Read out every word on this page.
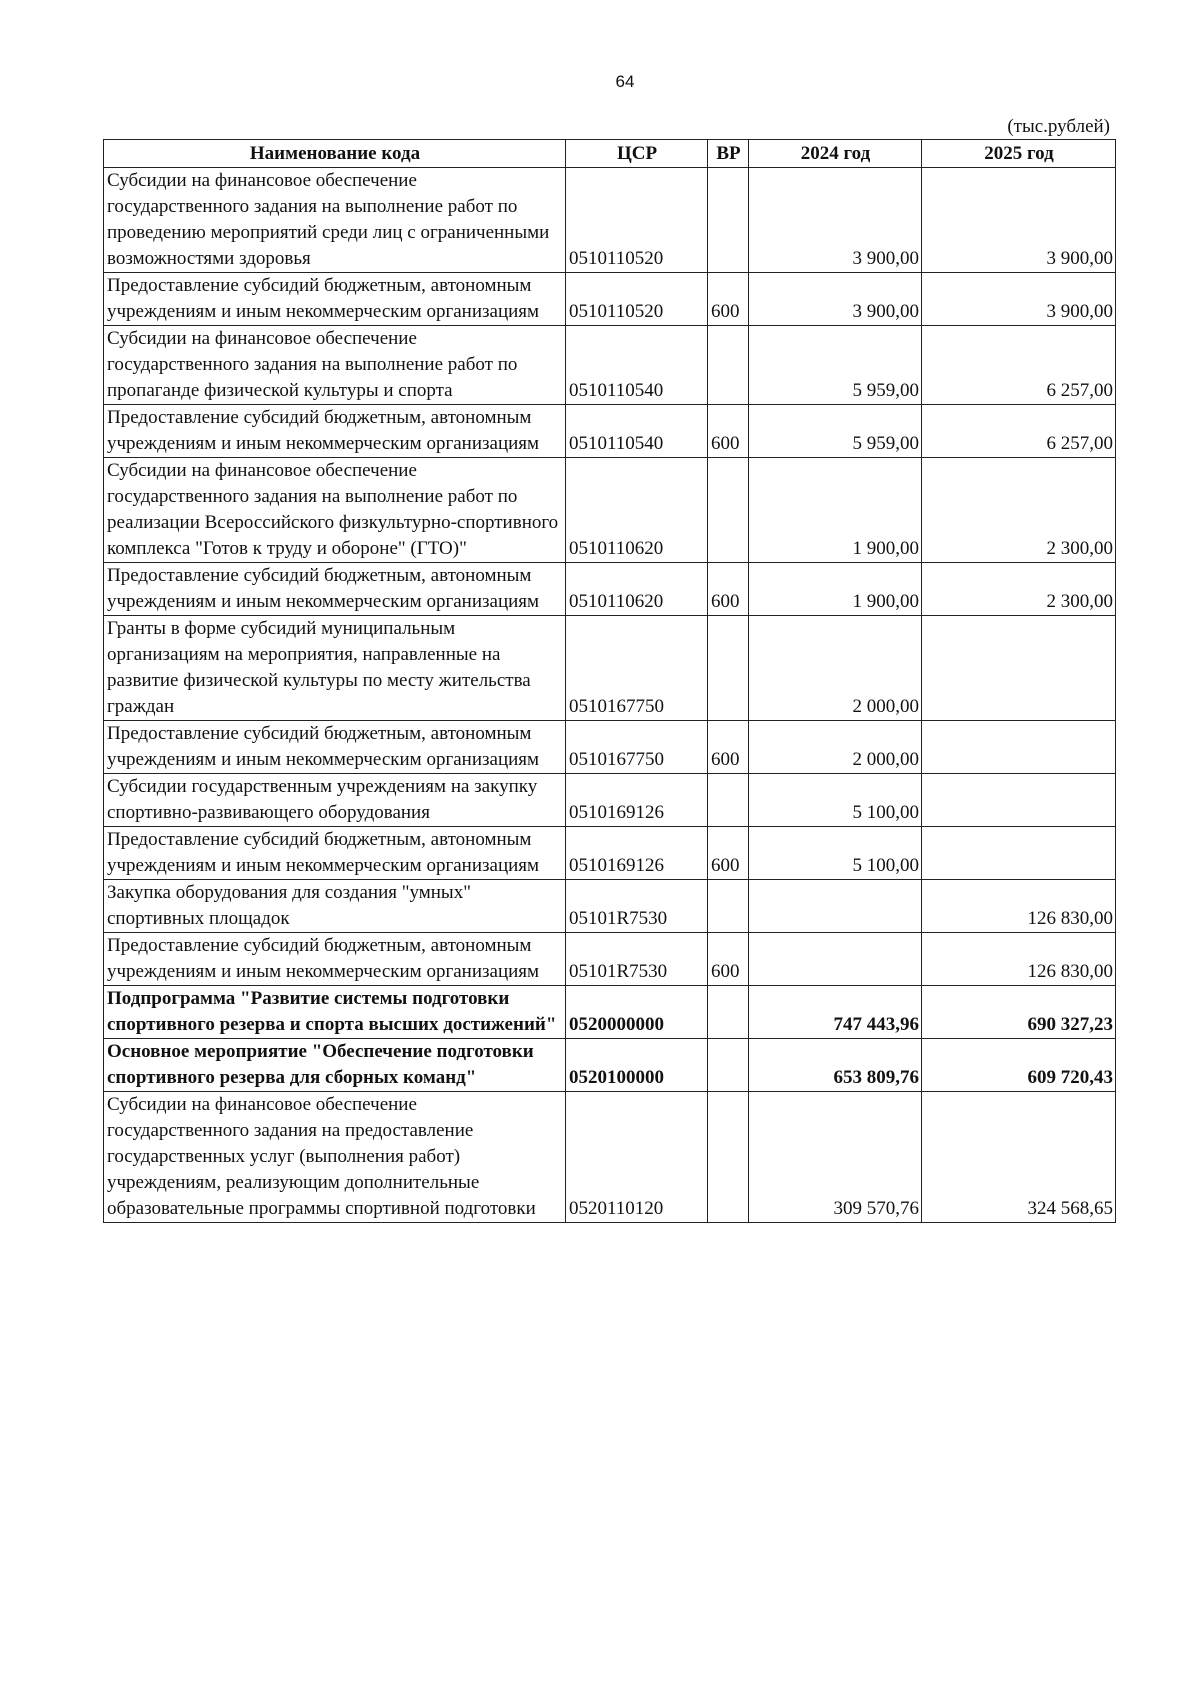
64
(тыс.рублей)
Наименование кода	ЦСР	ВР	2024 год	2025 год
Субсидии на финансовое обеспечение государственного задания на выполнение работ по проведению мероприятий среди лиц с ограниченными возможностями здоровья	0510110520		3 900,00	3 900,00
Предоставление субсидий бюджетным, автономным учреждениям и иным некоммерческим организациям	0510110520	600	3 900,00	3 900,00
Субсидии на финансовое обеспечение государственного задания на выполнение работ по пропаганде физической культуры и спорта	0510110540		5 959,00	6 257,00
Предоставление субсидий бюджетным, автономным учреждениям и иным некоммерческим организациям	0510110540	600	5 959,00	6 257,00
Субсидии на финансовое обеспечение государственного задания на выполнение работ по реализации Всероссийского физкультурно-спортивного комплекса "Готов к труду и обороне" (ГТО)"	0510110620		1 900,00	2 300,00
Предоставление субсидий бюджетным, автономным учреждениям и иным некоммерческим организациям	0510110620	600	1 900,00	2 300,00
Гранты в форме субсидий муниципальным организациям на мероприятия, направленные на развитие физической культуры по месту жительства граждан	0510167750		2 000,00	
Предоставление субсидий бюджетным, автономным учреждениям и иным некоммерческим организациям	0510167750	600	2 000,00	
Субсидии государственным учреждениям на закупку спортивно-развивающего оборудования	0510169126		5 100,00	
Предоставление субсидий бюджетным, автономным учреждениям и иным некоммерческим организациям	0510169126	600	5 100,00	
Закупка оборудования для создания "умных" спортивных площадок	05101R7530			126 830,00
Предоставление субсидий бюджетным, автономным учреждениям и иным некоммерческим организациям	05101R7530	600		126 830,00
Подпрограмма "Развитие системы подготовки спортивного резерва и спорта высших достижений"	0520000000		747 443,96	690 327,23
Основное мероприятие "Обеспечение подготовки спортивного резерва для сборных команд"	0520100000		653 809,76	609 720,43
Субсидии на финансовое обеспечение государственного задания на предоставление государственных услуг (выполнения работ) учреждениям, реализующим дополнительные образовательные программы спортивной подготовки	0520110120		309 570,76	324 568,65
